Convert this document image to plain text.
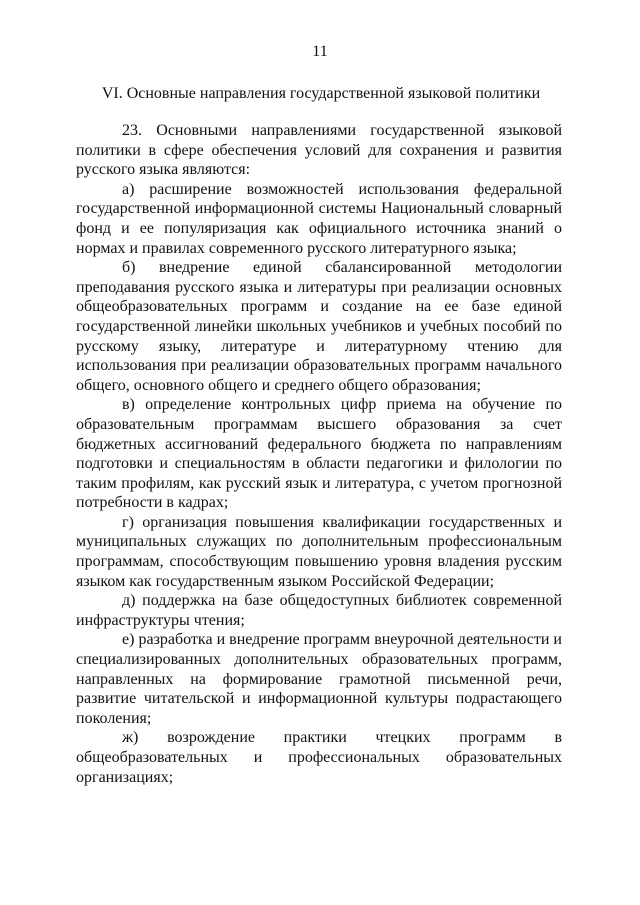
11
VI. Основные направления государственной языковой политики

23. Основными направлениями государственной языковой политики в сфере обеспечения условий для сохранения и развития русского языка являются:

а) расширение возможностей использования федеральной государственной информационной системы Национальный словарный фонд и ее популяризация как официального источника знаний о нормах и правилах современного русского литературного языка;

б) внедрение единой сбалансированной методологии преподавания русского языка и литературы при реализации основных общеобразовательных программ и создание на ее базе единой государственной линейки школьных учебников и учебных пособий по русскому языку, литературе и литературному чтению для использования при реализации образовательных программ начального общего, основного общего и среднего общего образования;

в) определение контрольных цифр приема на обучение по образовательным программам высшего образования за счет бюджетных ассигнований федерального бюджета по направлениям подготовки и специальностям в области педагогики и филологии по таким профилям, как русский язык и литература, с учетом прогнозной потребности в кадрах;

г) организация повышения квалификации государственных и муниципальных служащих по дополнительным профессиональным программам, способствующим повышению уровня владения русским языком как государственным языком Российской Федерации;

д) поддержка на базе общедоступных библиотек современной инфраструктуры чтения;

е) разработка и внедрение программ внеурочной деятельности и специализированных дополнительных образовательных программ, направленных на формирование грамотной письменной речи, развитие читательской и информационной культуры подрастающего поколения;

ж) возрождение практики чтецких программ в общеобразовательных и профессиональных образовательных организациях;
